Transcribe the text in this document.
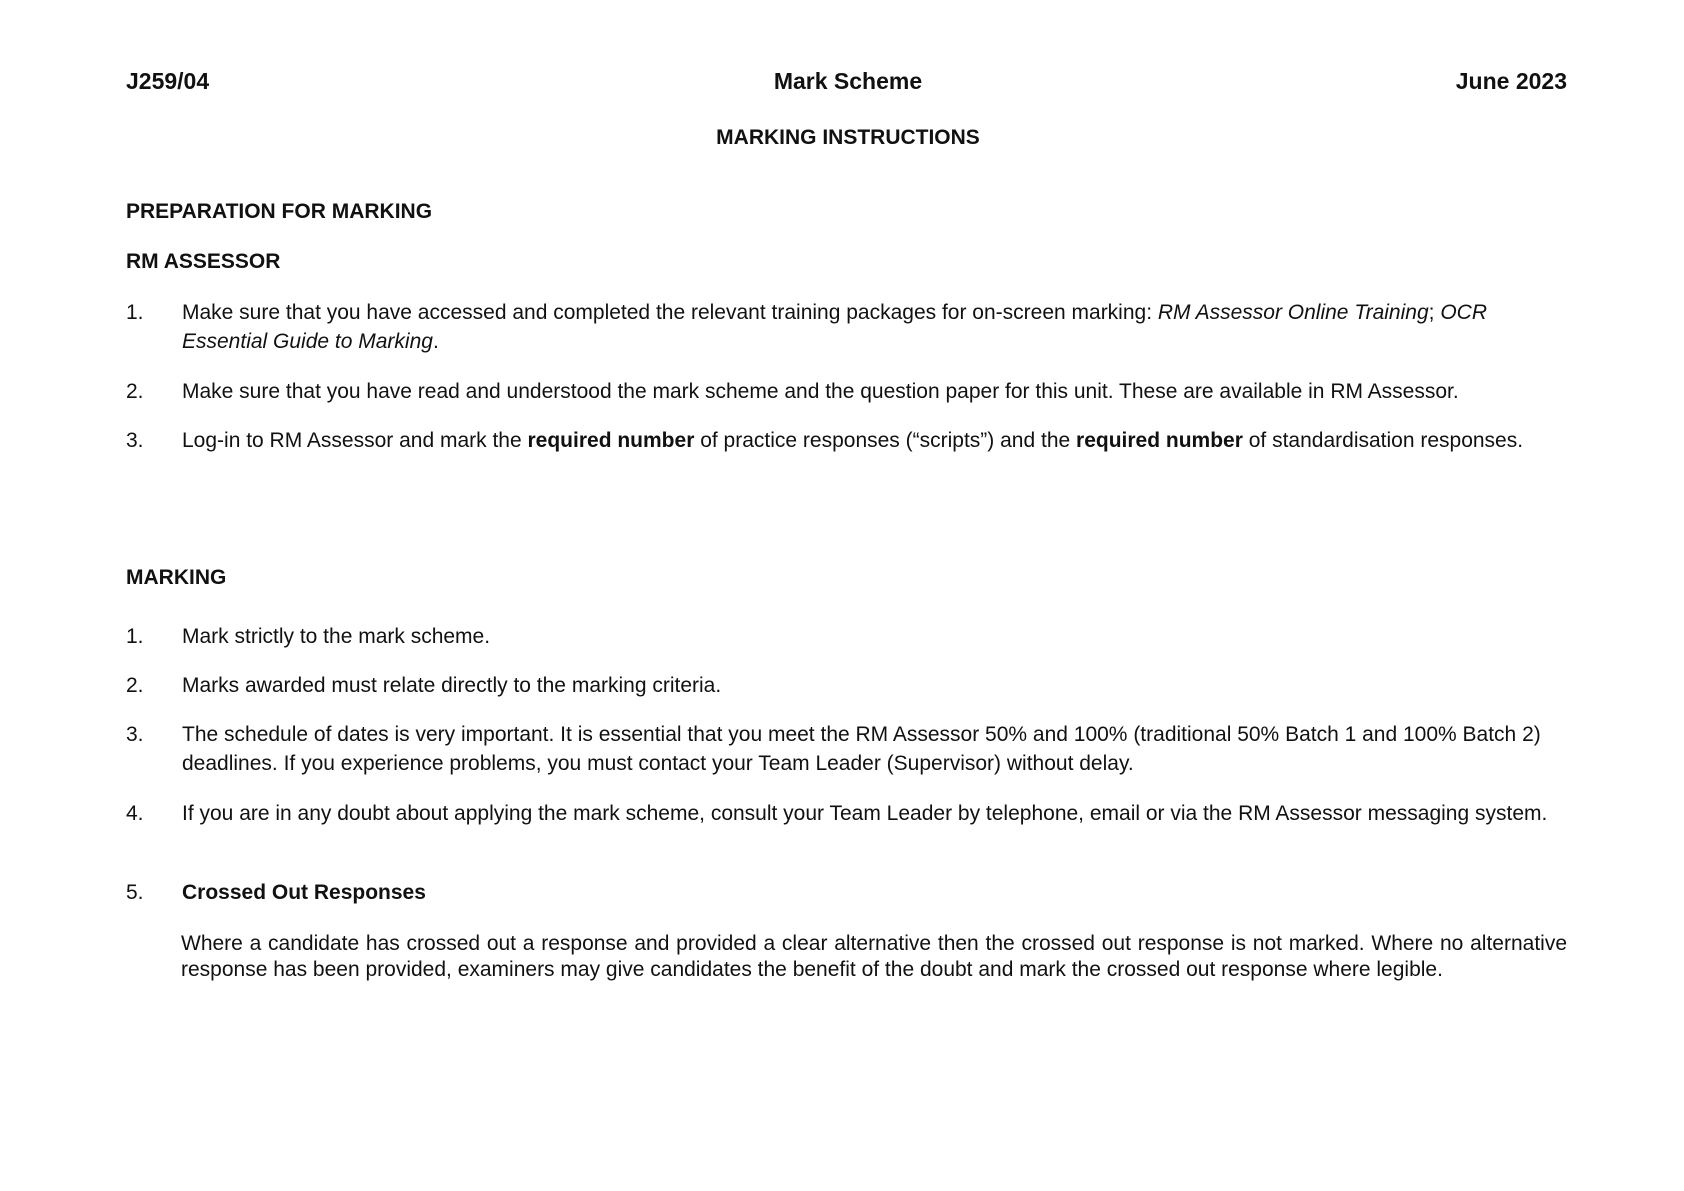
J259/04	Mark Scheme	June 2023
MARKING INSTRUCTIONS
PREPARATION FOR MARKING
RM ASSESSOR
1. Make sure that you have accessed and completed the relevant training packages for on-screen marking: RM Assessor Online Training; OCR Essential Guide to Marking.
2. Make sure that you have read and understood the mark scheme and the question paper for this unit. These are available in RM Assessor.
3. Log-in to RM Assessor and mark the required number of practice responses (“scripts”) and the required number of standardisation responses.
MARKING
1. Mark strictly to the mark scheme.
2. Marks awarded must relate directly to the marking criteria.
3. The schedule of dates is very important. It is essential that you meet the RM Assessor 50% and 100% (traditional 50% Batch 1 and 100% Batch 2) deadlines. If you experience problems, you must contact your Team Leader (Supervisor) without delay.
4. If you are in any doubt about applying the mark scheme, consult your Team Leader by telephone, email or via the RM Assessor messaging system.
5. Crossed Out Responses
Where a candidate has crossed out a response and provided a clear alternative then the crossed out response is not marked. Where no alternative response has been provided, examiners may give candidates the benefit of the doubt and mark the crossed out response where legible.
